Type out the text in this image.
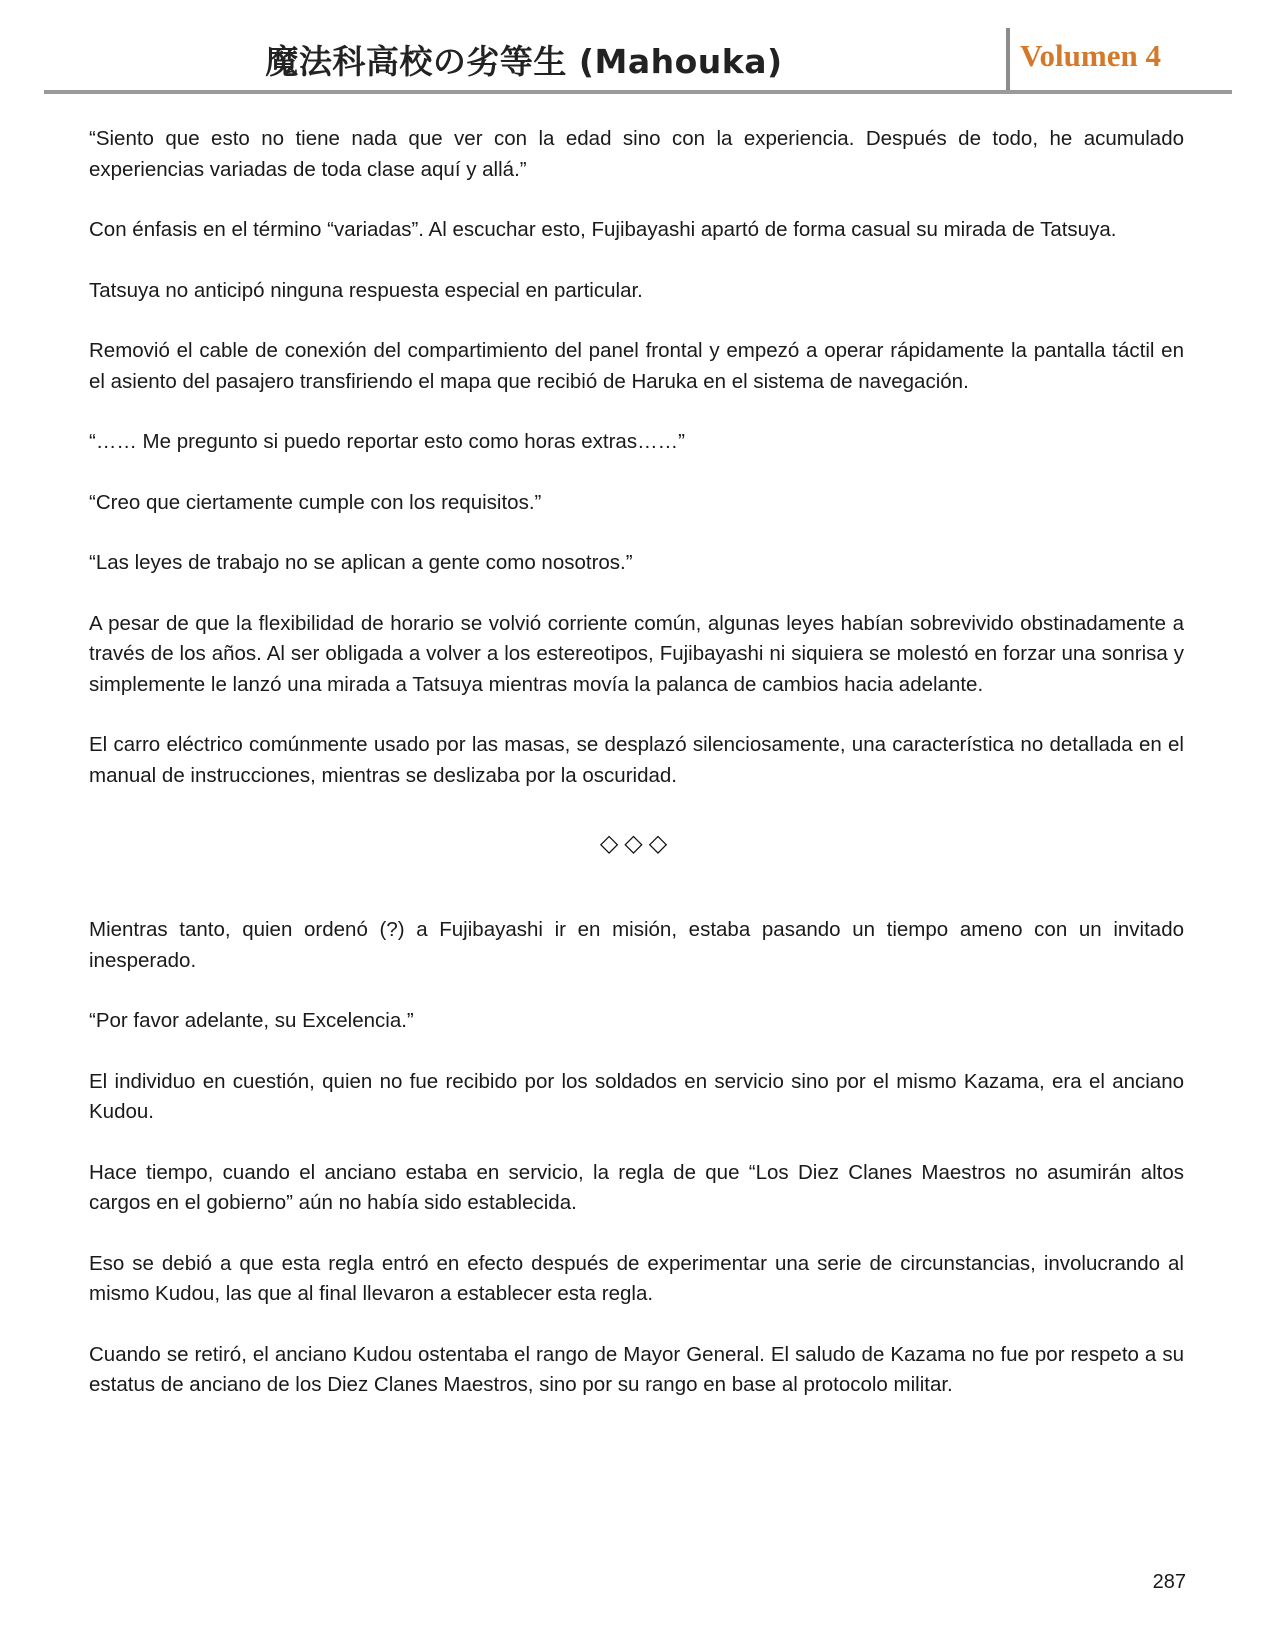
魔法科高校の劣等生 (Mahouka)	Volumen 4

“Siento que esto no tiene nada que ver con la edad sino con la experiencia. Después de todo, he acumulado experiencias variadas de toda clase aquí y allá.”

Con énfasis en el término “variadas”. Al escuchar esto, Fujibayashi apartó de forma casual su mirada de Tatsuya.

Tatsuya no anticipó ninguna respuesta especial en particular.

Removió el cable de conexión del compartimiento del panel frontal y empezó a operar rápidamente la pantalla táctil en el asiento del pasajero transfiriendo el mapa que recibió de Haruka en el sistema de navegación.

“…… Me pregunto si puedo reportar esto como horas extras……”

“Creo que ciertamente cumple con los requisitos.”

“Las leyes de trabajo no se aplican a gente como nosotros.”

A pesar de que la flexibilidad de horario se volvió corriente común, algunas leyes habían sobrevivido obstinadamente a través de los años. Al ser obligada a volver a los estereotipos, Fujibayashi ni siquiera se molestó en forzar una sonrisa y simplemente le lanzó una mirada a Tatsuya mientras movía la palanca de cambios hacia adelante.

El carro eléctrico comúnmente usado por las masas, se desplazó silenciosamente, una característica no detallada en el manual de instrucciones, mientras se deslizaba por la oscuridad.

◇◇◇

Mientras tanto, quien ordenó (?) a Fujibayashi ir en misión, estaba pasando un tiempo ameno con un invitado inesperado.

“Por favor adelante, su Excelencia.”

El individuo en cuestión, quien no fue recibido por los soldados en servicio sino por el mismo Kazama, era el anciano Kudou.

Hace tiempo, cuando el anciano estaba en servicio, la regla de que “Los Diez Clanes Maestros no asumirán altos cargos en el gobierno” aún no había sido establecida.

Eso se debió a que esta regla entró en efecto después de experimentar una serie de circunstancias, involucrando al mismo Kudou, las que al final llevaron a establecer esta regla.

Cuando se retiró, el anciano Kudou ostentaba el rango de Mayor General. El saludo de Kazama no fue por respeto a su estatus de anciano de los Diez Clanes Maestros, sino por su rango en base al protocolo militar.

287
